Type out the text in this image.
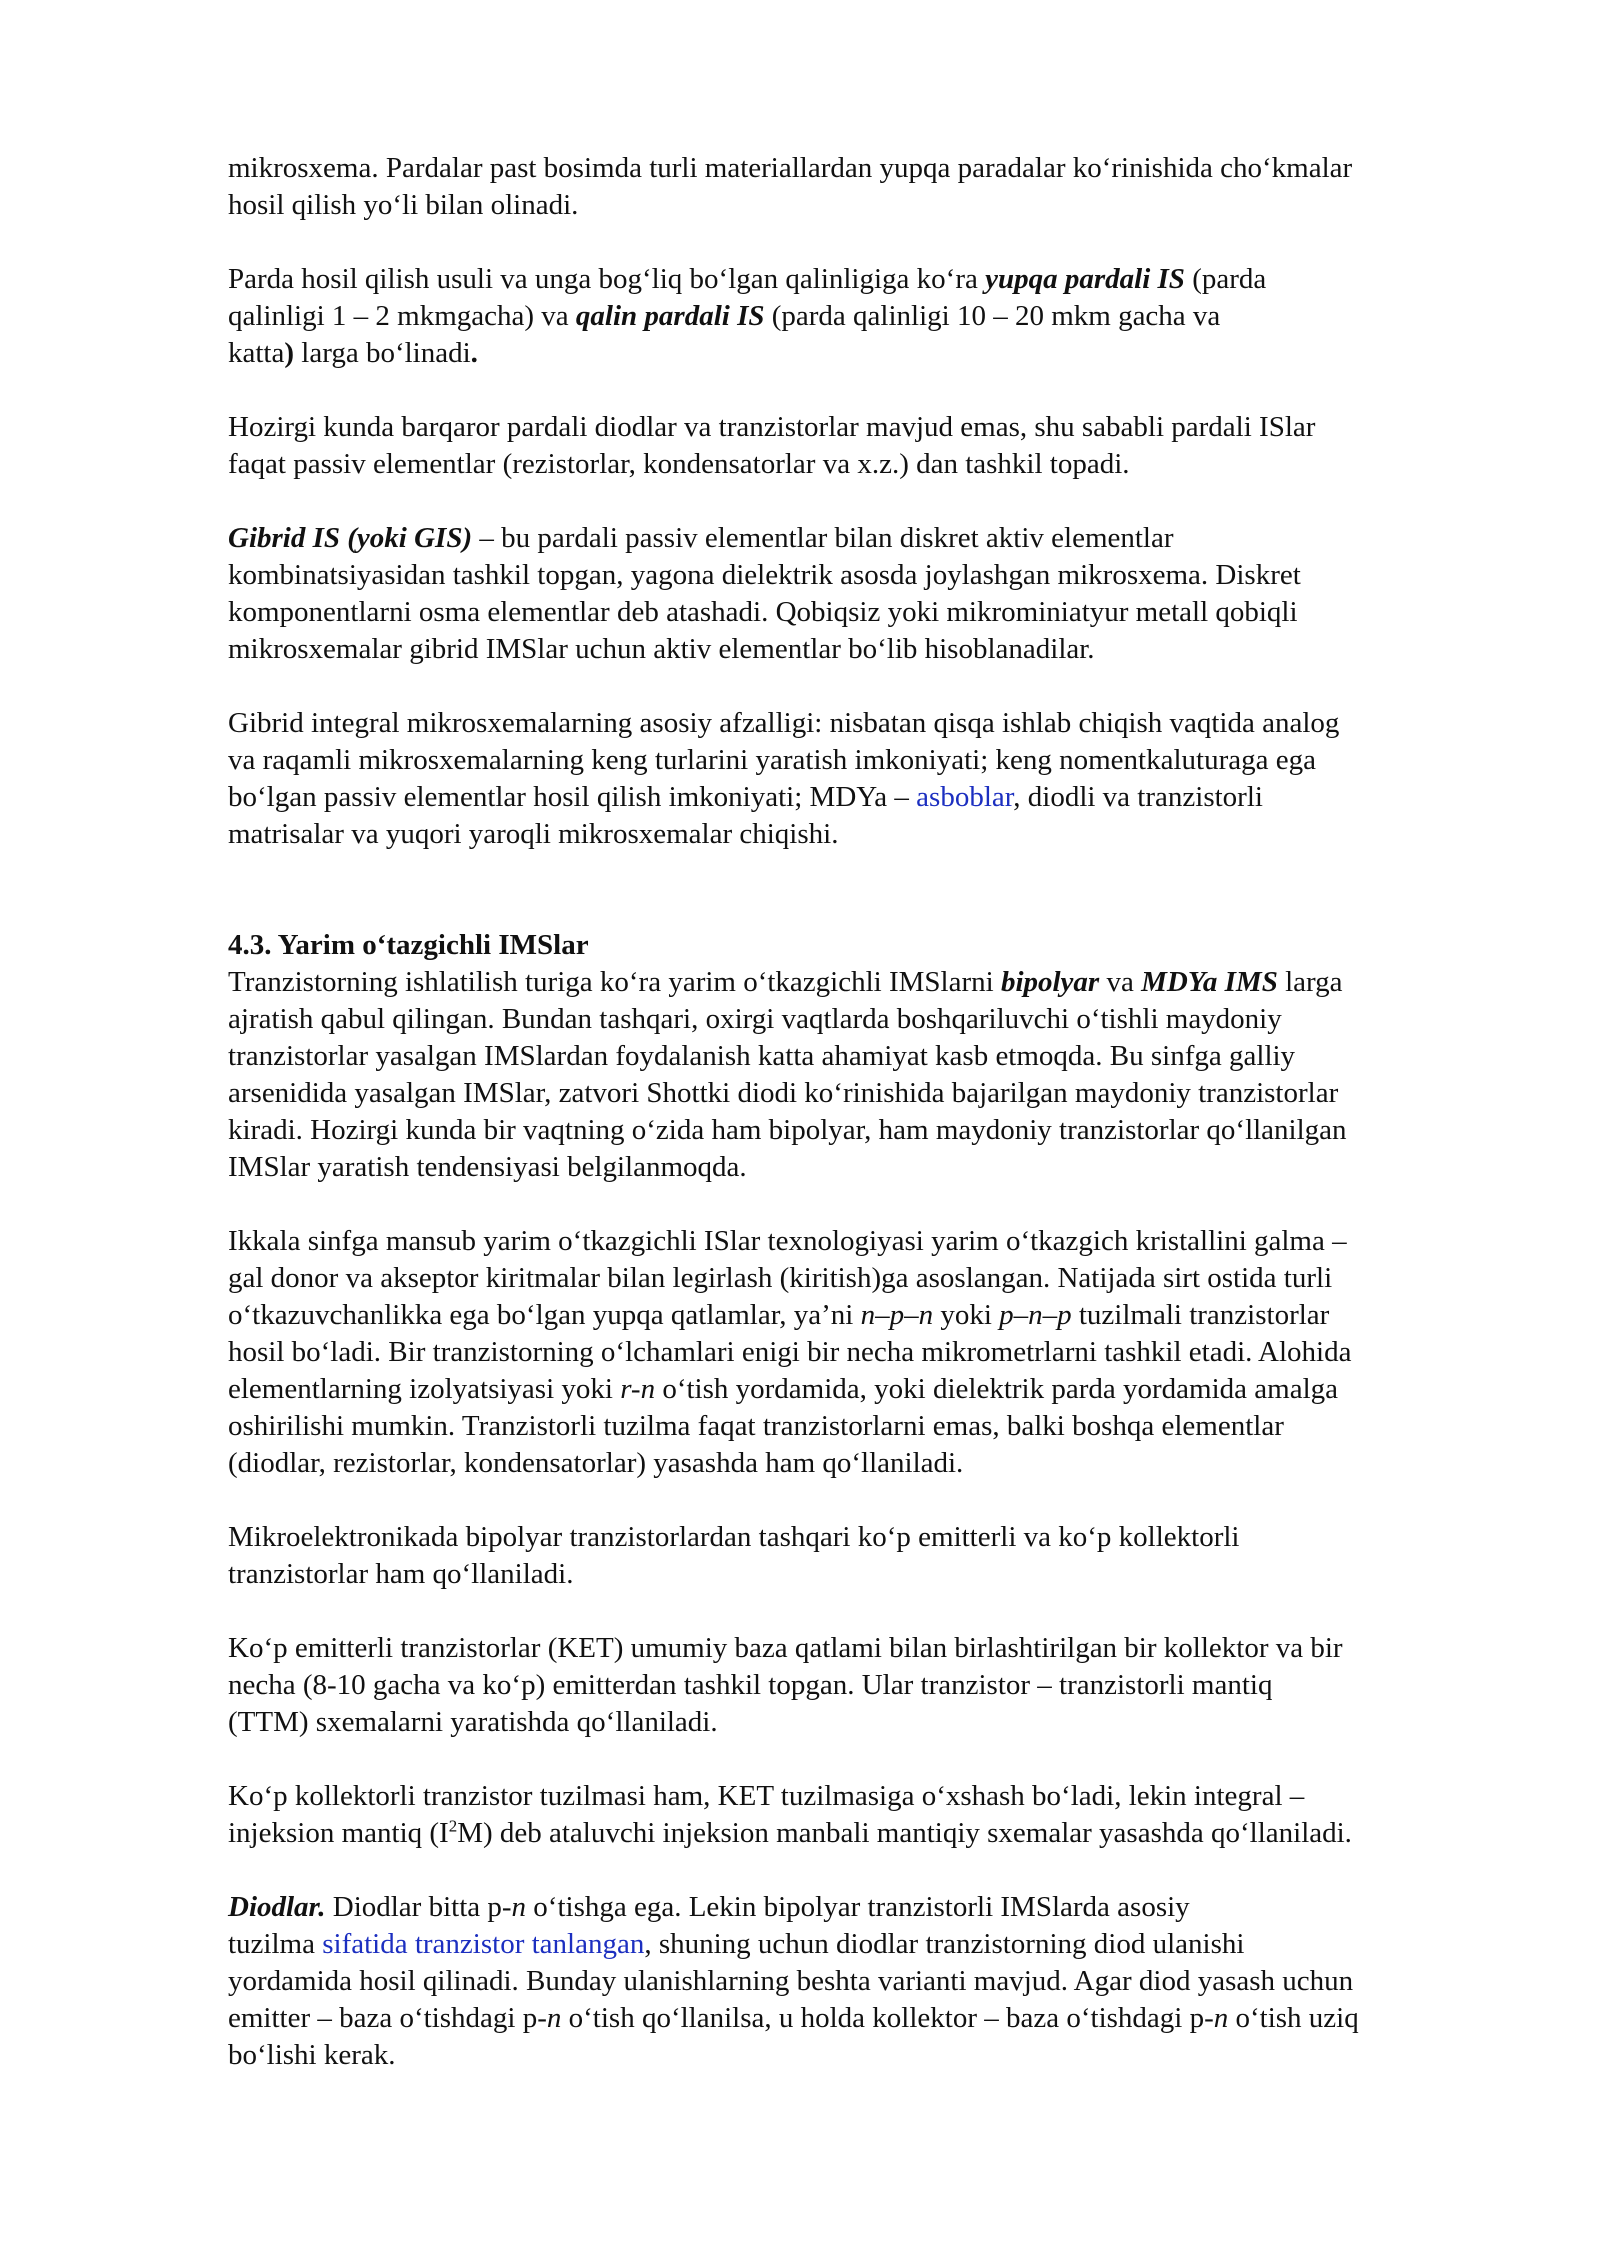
mikrosxema. Pardalar past bosimda turli materiallardan yupqa paradalar ko‘rinishida cho‘kmalar

hosil qilish yo‘li bilan olinadi.

Parda hosil qilish usuli va unga bog‘liq bo‘lgan qalinligiga ko‘ra yupqa pardali IS (parda

qalinligi 1 – 2 mkmgacha) va qalin pardali IS (parda qalinligi 10 – 20 mkm gacha va

katta) larga bo‘linadi.

Hozirgi kunda barqaror pardali diodlar va tranzistorlar mavjud emas, shu sababli pardali ISlar

faqat passiv elementlar (rezistorlar, kondensatorlar va x.z.) dan tashkil topadi.

Gibrid IS (yoki GIS) – bu pardali passiv elementlar bilan diskret aktiv elementlar

kombinatsiyasidan tashkil topgan, yagona dielektrik asosda joylashgan mikrosxema. Diskret

komponentlarni osma elementlar deb atashadi. Qobiqsiz yoki mikrominiatyur metall qobiqli

mikrosxemalar gibrid IMSlar uchun aktiv elementlar bo‘lib hisoblanadilar.

Gibrid integral mikrosxemalarning asosiy afzalligi: nisbatan qisqa ishlab chiqish vaqtida analog

va raqamli mikrosxemalarning keng turlarini yaratish imkoniyati; keng nomentkaluturaga ega

bo‘lgan passiv elementlar hosil qilish imkoniyati; MDYa – asboblar, diodli va tranzistorli

matrisalar va yuqori yaroqli mikrosxemalar chiqishi.

4.3. Yarim o‘tazgichli IMSlar

Tranzistorning ishlatilish turiga ko‘ra yarim o‘tkazgichli IMSlarni bipolyar va MDYa IMS larga

ajratish qabul qilingan. Bundan tashqari, oxirgi vaqtlarda boshqariluvchi o‘tishli maydoniy

tranzistorlar yasalgan IMSlardan foydalanish katta ahamiyat kasb etmoqda. Bu sinfga galliy

arsenidida yasalgan IMSlar, zatvori Shottki diodi ko‘rinishida bajarilgan maydoniy tranzistorlar

kiradi. Hozirgi kunda bir vaqtning o‘zida ham bipolyar, ham maydoniy tranzistorlar qo‘llanilgan

IMSlar yaratish tendensiyasi belgilanmoqda.

Ikkala sinfga mansub yarim o‘tkazgichli ISlar texnologiyasi yarim o‘tkazgich kristallini galma –

gal donor va akseptor kiritmalar bilan legirlash (kiritish)ga asoslangan. Natijada sirt ostida turli

o‘tkazuvchanlikka ega bo‘lgan yupqa qatlamlar, ya’ni n–p–n yoki p–n–p tuzilmali tranzistorlar

hosil bo‘ladi. Bir tranzistorning o‘lchamlari enigi bir necha mikrometrlarni tashkil etadi. Alohida

elementlarning izolyatsiyasi yoki r-n o‘tish yordamida, yoki dielektrik parda yordamida amalga

oshirilishi mumkin. Tranzistorli tuzilma faqat tranzistorlarni emas, balki boshqa elementlar

(diodlar, rezistorlar, kondensatorlar) yasashda ham qo‘llaniladi.

Mikroelektronikada bipolyar tranzistorlardan tashqari ko‘p emitterli va ko‘p kollektorli

tranzistorlar ham qo‘llaniladi.

Ko‘p emitterli tranzistorlar (KET) umumiy baza qatlami bilan birlashtirilgan bir kollektor va bir

necha (8-10 gacha va ko‘p) emitterdan tashkil topgan. Ular tranzistor – tranzistorli mantiq

(TTM) sxemalarni yaratishda qo‘llaniladi.

Ko‘p kollektorli tranzistor tuzilmasi ham, KET tuzilmasiga o‘xshash bo‘ladi, lekin integral –

injeksion mantiq $(I^2M)$ deb ataluvchi injeksion manbali mantiqiy sxemalar yasashda qo‘llaniladi.

Diodlar. Diodlar bitta p-n o‘tishga ega. Lekin bipolyar tranzistorli IMSlarda asosiy

tuzilma sifatida tranzistor tanlangan, shuning uchun diodlar tranzistorning diod ulanishi

yordamida hosil qilinadi. Bunday ulanishlarning beshta varianti mavjud. Agar diod yasash uchun

emitter – baza o‘tishdagi p-n o‘tish qo‘llanilsa, u holda kollektor – baza o‘tishdagi p-n o‘tish uziq

bo‘lishi kerak.
